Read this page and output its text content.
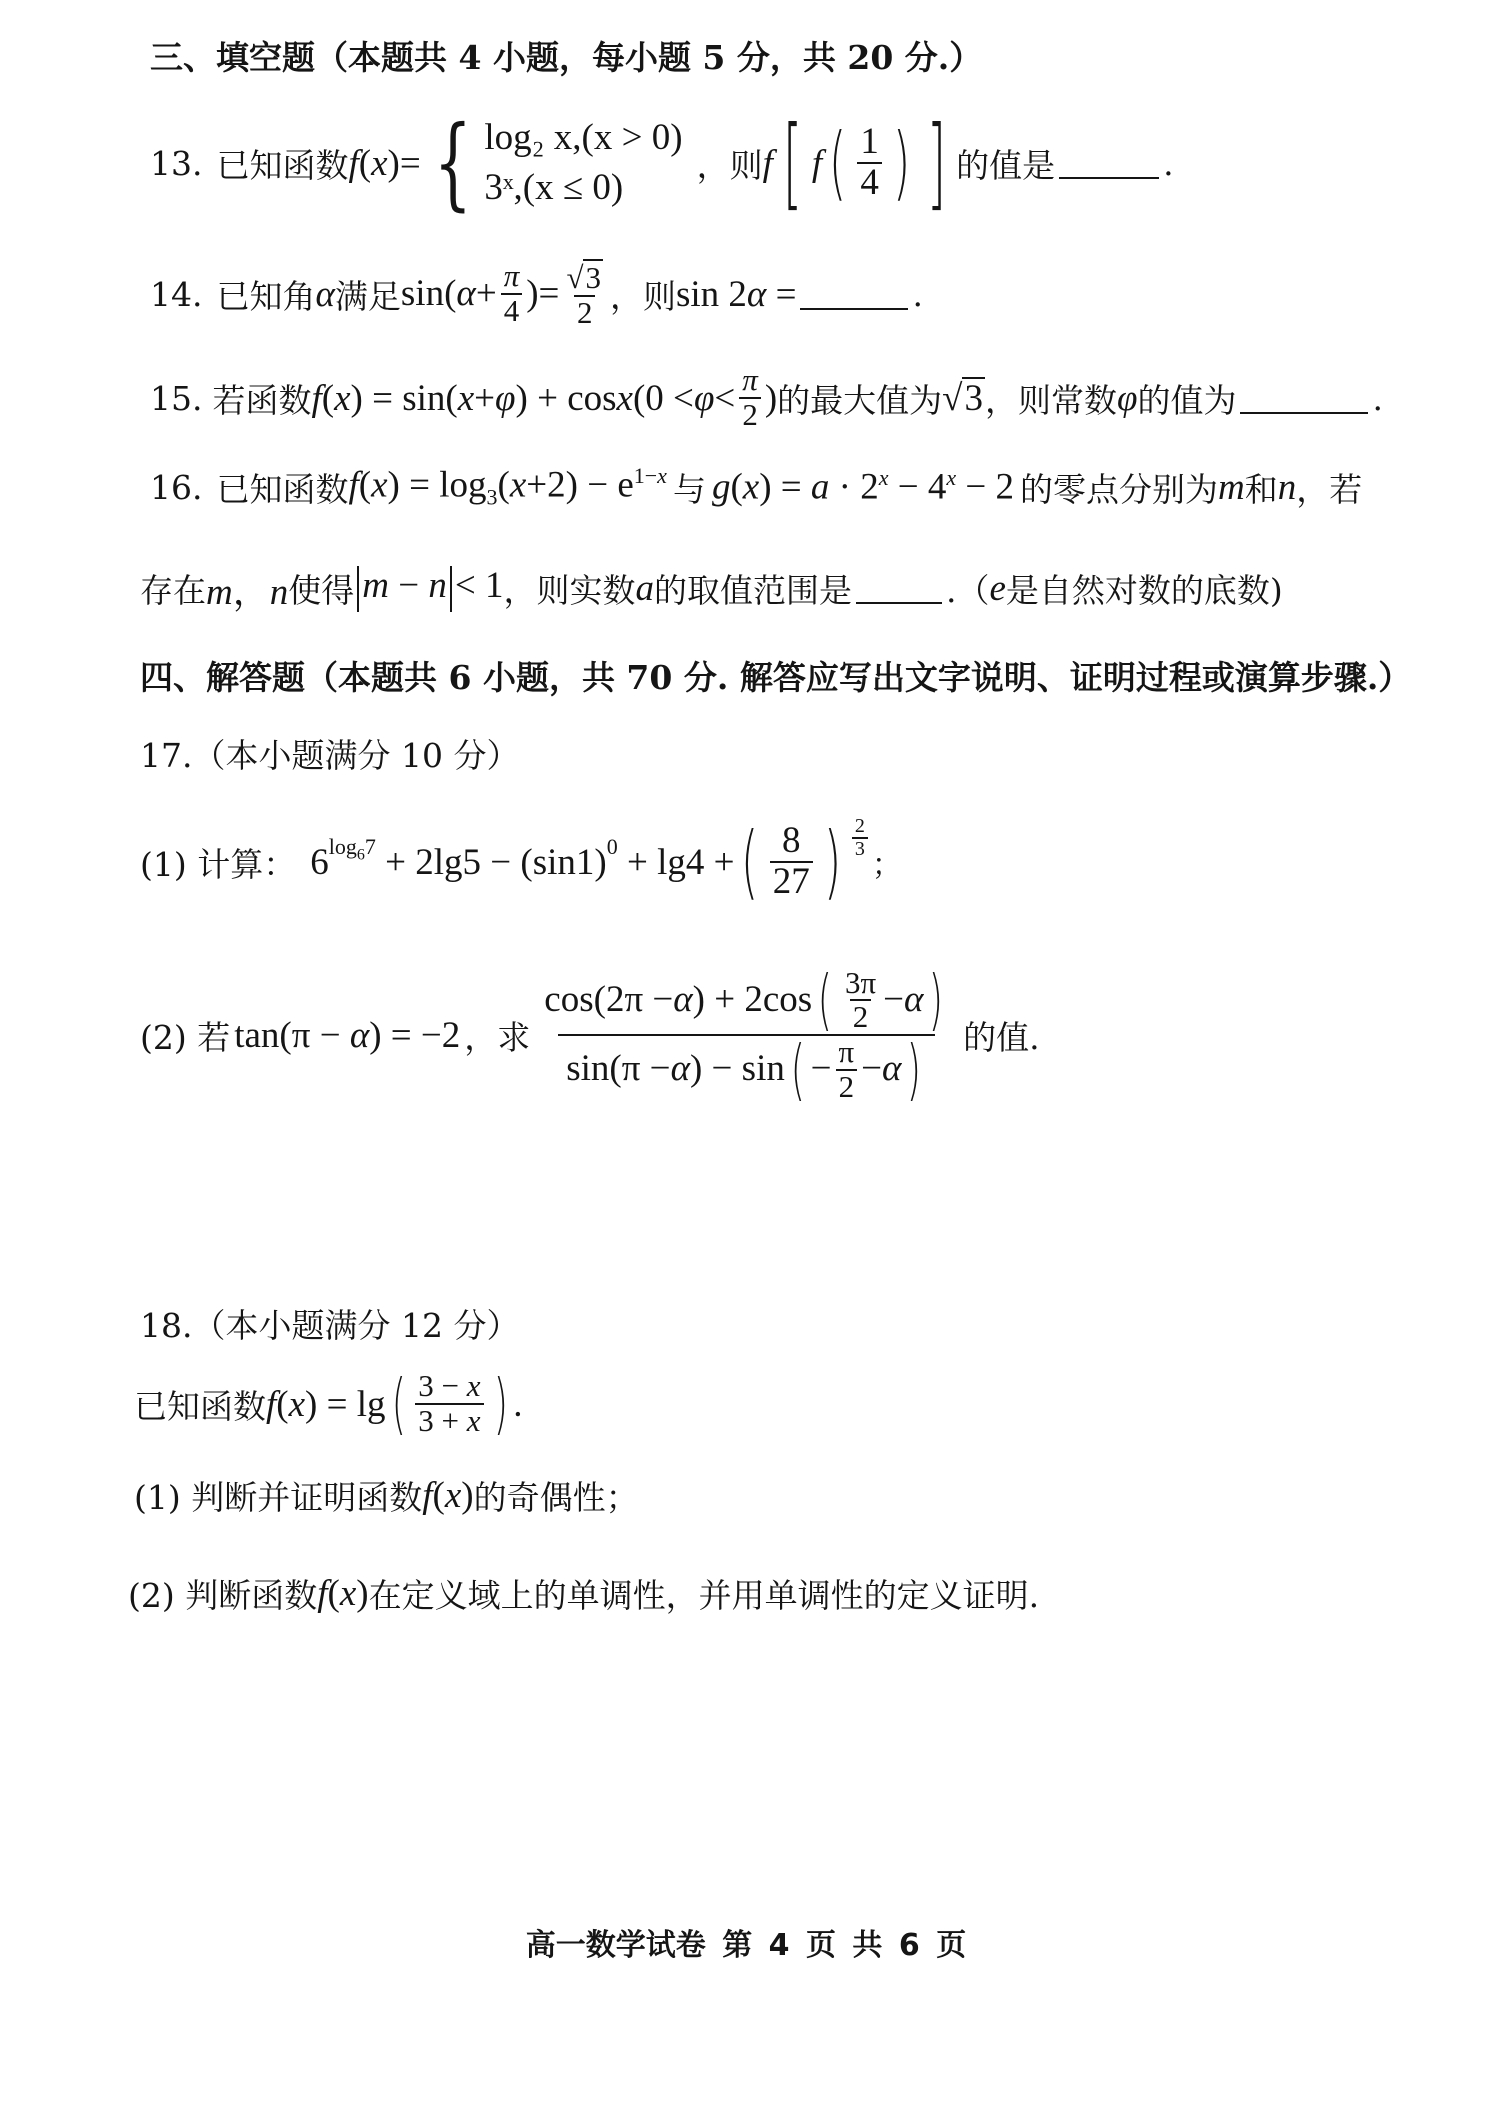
三、填空题（本题共 4 小题，每小题 5 分，共 20 分.）
13. 已知函数 f(x)= { log₂ x,(x > 0)
3ˣ,(x ≤ 0)
，则 f [ f ( 1
4 ) ] 的值是	.
14. 已知角 α 满足 sin( α + π
4 )= √ 3
2 ，则 sin 2α =	.
15. 若函数 f ( x ) = sin( x + φ ) + cos x (0 < φ < π
2 ) 的最大值为 √ 3 ，则常数 φ 的值为	.
16. 已知函数 $f(x) = \log_3(x+2) - e^{1-x}$ 与 $g(x) = a \cdot 2^x - 4^x - 2$ 的零点分别为 m 和 n ，若
存在 m，n 使得 m − n < 1 ，则实数 a 的取值范围是	.（ e 是自然对数的底数)
四、解答题（本题共 6 小题，共 70 分. 解答应写出文字说明、证明过程或演算步骤.）
17.（本小题满分 10 分）
(1) 计算： 6 $\log_67 + 2\lg 5 - (\sin 1) 0 + \lg 4$ + ( 8
27 ) 2
3 ；
(2) 若 tan(π − α) = −2 ，求 cos(2π − α ) + 2cos ( 3π
2 − α )
sin(π − α ) − sin ( − π
2 − α ) 的值.
18.（本小题满分 12 分）
已知函数 f ( x ) = lg ( 3 − x
3 + x ) .
(1) 判断并证明函数 f(x) 的奇偶性；
(2) 判断函数 f(x) 在定义域上的单调性，并用单调性的定义证明.
高一数学试卷 第 4 页 共 6 页
